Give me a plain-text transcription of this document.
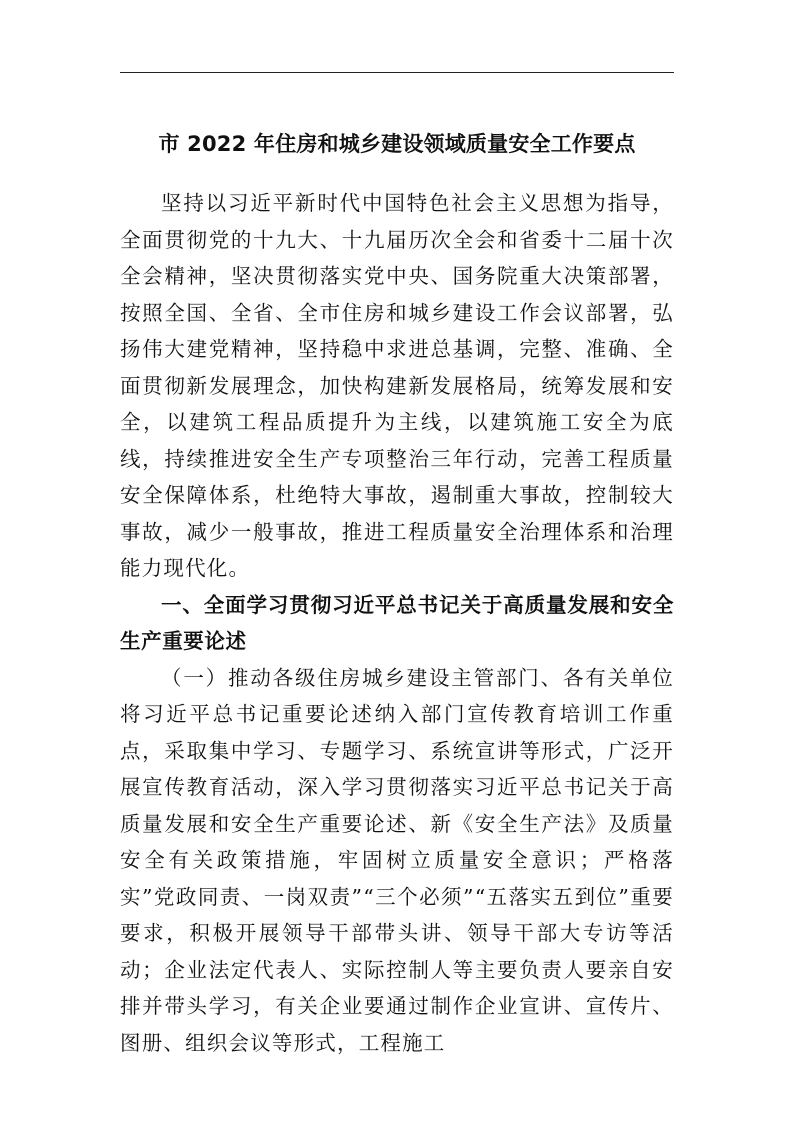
市 2022 年住房和城乡建设领域质量安全工作要点

坚持以习近平新时代中国特色社会主义思想为指导，全面贯彻党的十九大、十九届历次全会和省委十二届十次全会精神，坚决贯彻落实党中央、国务院重大决策部署，按照全国、全省、全市住房和城乡建设工作会议部署，弘扬伟大建党精神，坚持稳中求进总基调，完整、准确、全面贯彻新发展理念，加快构建新发展格局，统筹发展和安全，以建筑工程品质提升为主线，以建筑施工安全为底线，持续推进安全生产专项整治三年行动，完善工程质量安全保障体系，杜绝特大事故，遏制重大事故，控制较大事故，减少一般事故，推进工程质量安全治理体系和治理能力现代化。

一、全面学习贯彻习近平总书记关于高质量发展和安全生产重要论述

（一）推动各级住房城乡建设主管部门、各有关单位将习近平总书记重要论述纳入部门宣传教育培训工作重点，采取集中学习、专题学习、系统宣讲等形式，广泛开展宣传教育活动，深入学习贯彻落实习近平总书记关于高质量发展和安全生产重要论述、新《安全生产法》及质量安全有关政策措施，牢固树立质量安全意识；严格落实”党政同责、一岗双责”“三个必须”“五落实五到位”重要要求，积极开展领导干部带头讲、领导干部大专访等活动；企业法定代表人、实际控制人等主要负责人要亲自安排并带头学习，有关企业要通过制作企业宣讲、宣传片、图册、组织会议等形式，工程施工
